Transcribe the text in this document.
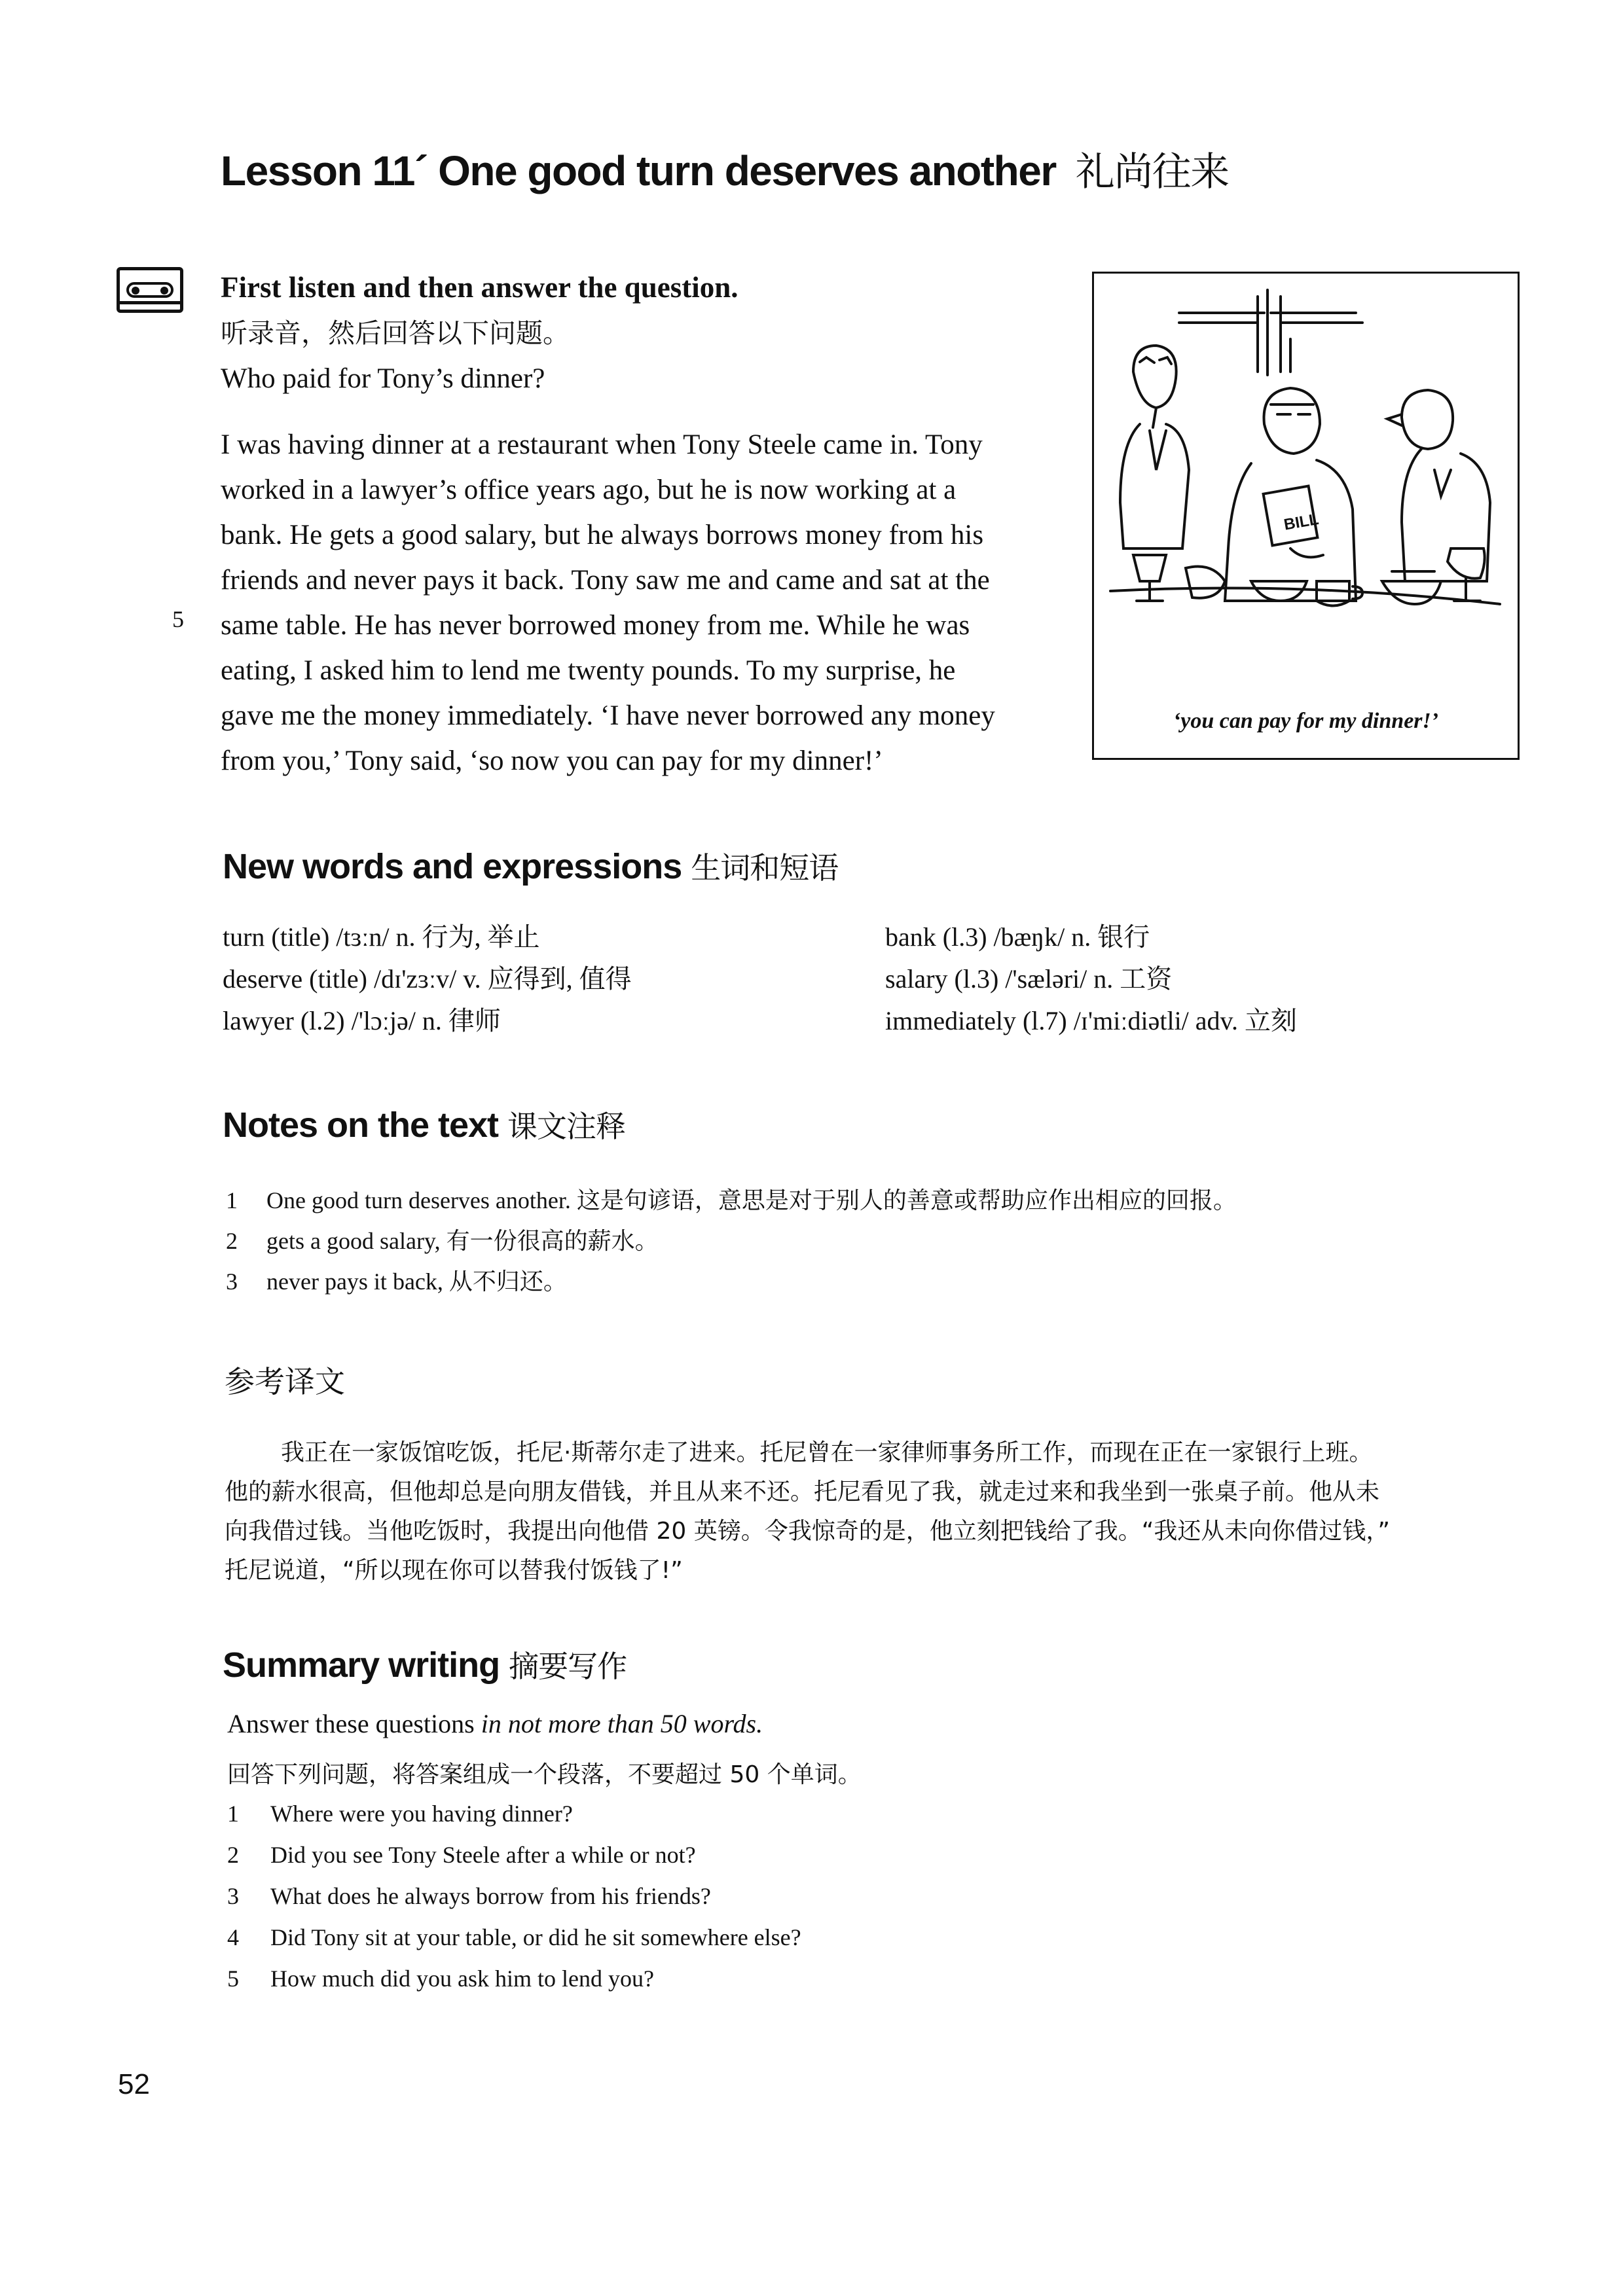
Lesson 11´ One good turn deserves another 礼尚往来
First listen and then answer the question.
听录音，然后回答以下问题。
Who paid for Tony’s dinner?

I was having dinner at a restaurant when Tony Steele came in. Tony

worked in a lawyer’s office years ago, but he is now working at a

bank. He gets a good salary, but he always borrows money from his

friends and never pays it back. Tony saw me and came and sat at the

same table. He has never borrowed money from me. While he was

eating, I asked him to lend me twenty pounds. To my surprise, he

gave me the money immediately. ‘I have never borrowed any money

from you,’ Tony said, ‘so now you can pay for my dinner!’

5
BILL
‘you can pay for my dinner!’
New words and expressions 生词和短语
turn (title) /tɜːn/ n. 行为, 举止
deserve (title) /dɪ'zɜːv/ v. 应得到, 值得
lawyer (l.2) /'lɔːjə/ n. 律师
bank (l.3) /bæŋk/ n. 银行
salary (l.3) /'sæləri/ n. 工资
immediately (l.7) /ɪ'miːdiətli/ adv. 立刻
Notes on the text 课文注释
1 One good turn deserves another. 这是句谚语，意思是对于别人的善意或帮助应作出相应的回报。
2 gets a good salary, 有一份很高的薪水。
3 never pays it back, 从不归还。
参考译文

我正在一家饭馆吃饭，托尼·斯蒂尔走了进来。托尼曾在一家律师事务所工作，而现在正在一家银行上班。

他的薪水很高，但他却总是向朋友借钱，并且从来不还。托尼看见了我，就走过来和我坐到一张桌子前。他从未

向我借过钱。当他吃饭时，我提出向他借 20 英镑。令我惊奇的是，他立刻把钱给了我。“我还从未向你借过钱，”

托尼说道，“所以现在你可以替我付饭钱了!”

Summary writing 摘要写作
Answer these questions in not more than 50 words.
回答下列问题，将答案组成一个段落，不要超过 50 个单词。
1 Where were you having dinner?
2 Did you see Tony Steele after a while or not?
3 What does he always borrow from his friends?
4 Did Tony sit at your table, or did he sit somewhere else?
5 How much did you ask him to lend you?
52
